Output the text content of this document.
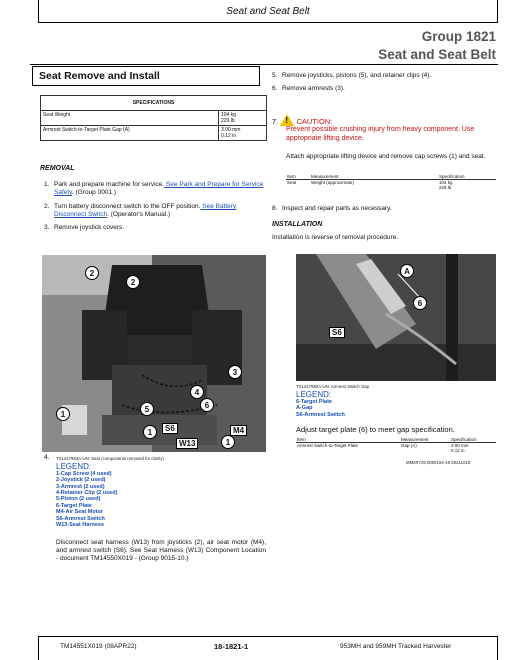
Seat and Seat Belt
Group 1821
Seat and Seat Belt
Seat Remove and Install
SPECIFICATIONS	
Seat Weight	104 kg
229 lb

Armrest Switch-to-Target Plate Gap (A)	3.00 mm
0.12 in
REMOVAL
1. Park and prepare machine for service. See Park and Prepare for Service Safety. (Group 0001.)
2. Turn battery disconnect switch to the OFF position. See Battery Disconnect Switch. (Operator's Manual.)
3. Remove joystick covers.
2
2
3
4
5	6
1
1
1
S6
W13
M4
4. TX1247953A-UN: Seat (components removed for clarity)
LEGEND:
1-Cap Screw (4 used)
2-Joystick (2 used)
3-Armrest (2 used)
4-Retainer Clip (2 used)
5-Piston (2 used)
6-Target Plate
M4-Air Seat Motor
S6-Armrest Switch
W13-Seat Harness
Disconnect seat harness (W13) from joysticks (2), air seat motor (M4), and armrest switch (S6). See Seat Harness (W13) Component Location - document TM14550X019 - (Group 9015-10.)
5. Remove joysticks, pistons (5), and retainer clips (4).
6. Remove armrests (3).
7. ! CAUTION:
Prevent possible crushing injury from heavy component. Use appropriate lifting device.
Attach appropriate lifting device and remove cap screws (1) and seat.
Item	Measurement	Specification
Seat	Weight (approximate)	104 kg
229 lb
8. Inspect and repair parts as necessary.
INSTALLATION
Installation is reverse of removal procedure.
A
6
S6
TX1247950A-UN: Armrest Switch Gap
LEGEND:
6-Target Plate
A-Gap
S6-Armrest Switch
Adjust target plate (6) to meet gap specification.
Item	Measurement	Specification
Armrest Switch-to-Target Plate	Gap (A)	3.00 mm
0.12 in
MM0R729,0000194-19-20211019
TM14551X019 (08APR22)	18-1821-1	953MH and 959MH Tracked Harvester
